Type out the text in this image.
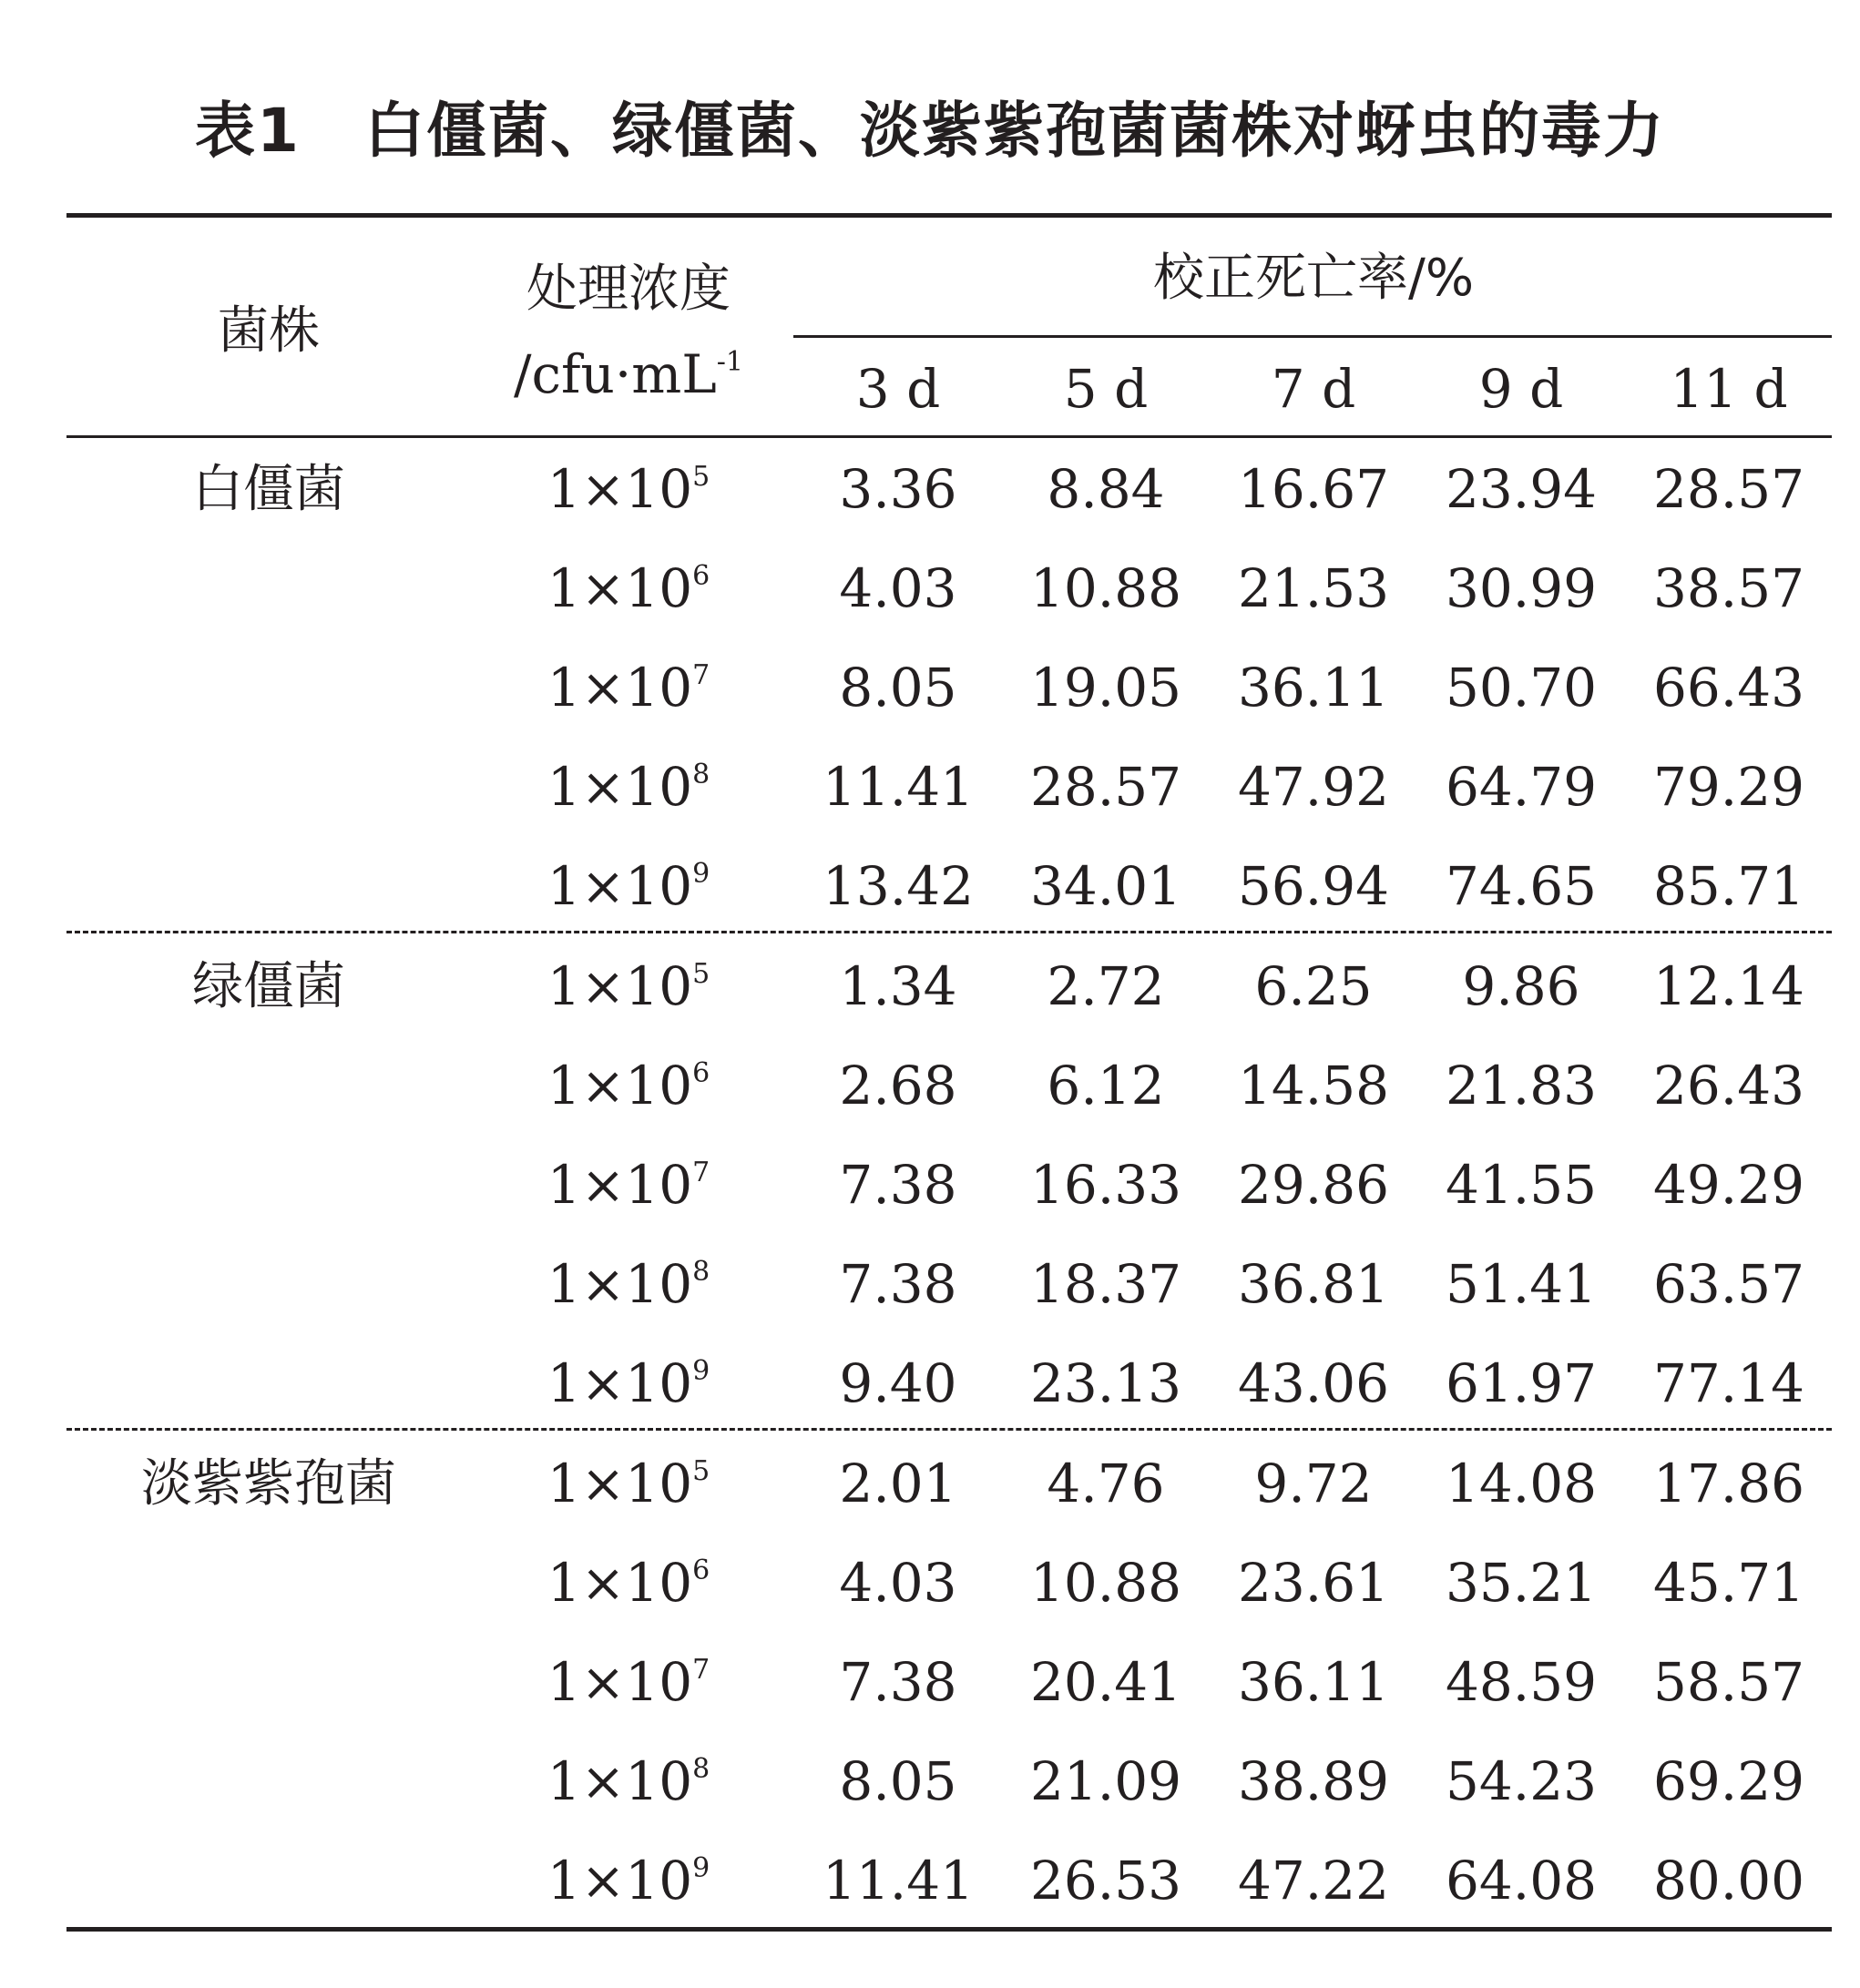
表1 白僵菌、绿僵菌、淡紫紫孢菌菌株对蚜虫的毒力
菌株
处理浓度
$/cfu\cdot mL^{-1}$
校正死亡率/%
3 d	5 d	7 d	9 d	11 d
白僵菌	$1\times 10^5$	3.36	8.84	16.67	23.94	28.57
$1\times 10^6$	4.03	10.88	21.53	30.99	38.57
$1\times 10^7$	8.05	19.05	36.11	50.70	66.43
$1\times 10^8$	11.41	28.57	47.92	64.79	79.29
$1\times 10^9$	13.42	34.01	56.94	74.65	85.71
绿僵菌	$1\times 10^5$	1.34	2.72	6.25	9.86	12.14
$1\times 10^6$	2.68	6.12	14.58	21.83	26.43
$1\times 10^7$	7.38	16.33	29.86	41.55	49.29
$1\times 10^8$	7.38	18.37	36.81	51.41	63.57
$1\times 10^9$	9.40	23.13	43.06	61.97	77.14
淡紫紫孢菌	$1\times 10^5$	2.01	4.76	9.72	14.08	17.86
$1\times 10^6$	4.03	10.88	23.61	35.21	45.71
$1\times 10^7$	7.38	20.41	36.11	48.59	58.57
$1\times 10^8$	8.05	21.09	38.89	54.23	69.29
$1\times 10^9$	11.41	26.53	47.22	64.08	80.00
